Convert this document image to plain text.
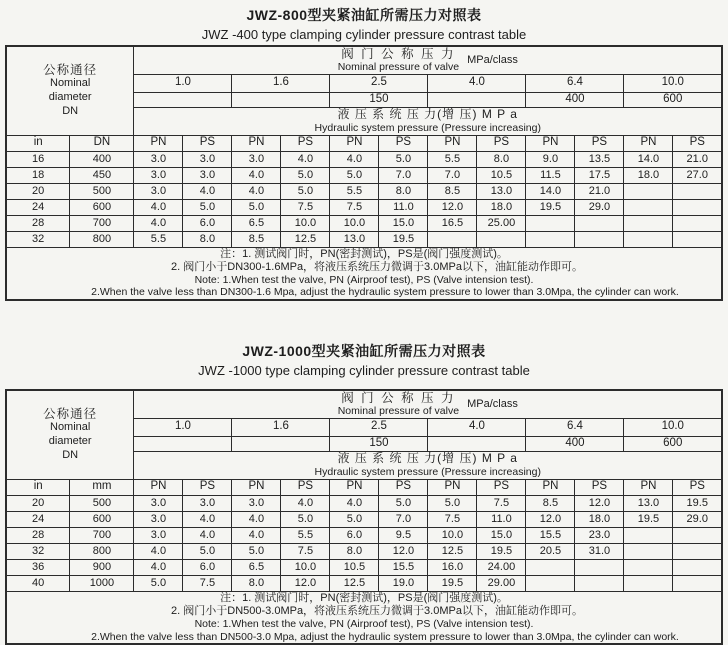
JWZ-800型夹紧油缸所需压力对照表
JWZ -400 type clamping cylinder pressure contrast table
公称通径
Nominal
diameter
DN

阀 门 公 称 压 力
Nominal pressure of valve
MPa/class

		1.0		1.6		2.5		4.0		6.4		10.0	
						150				400		600	

		液 压 系 统 压 力(增 压) M P a
Hydraulic system pressure (Pressure increasing)											

in	DN	PN	PS	PN	PS	PN	PS	PN	PS	PN	PS	PN	PS
16	400	3.0	3.0	3.0	4.0	4.0	5.0	5.5	8.0	9.0	13.5	14.0	21.0
18	450	3.0	3.0	4.0	5.0	5.0	7.0	7.0	10.5	11.5	17.5	18.0	27.0
20	500	3.0	4.0	4.0	5.0	5.5	8.0	8.5	13.0	14.0	21.0		
24	600	4.0	5.0	5.0	7.5	7.5	11.0	12.0	18.0	19.5	29.0		
28	700	4.0	6.0	6.5	10.0	10.0	15.0	16.5	25.00				
32	800	5.5	8.0	8.5	12.5	13.0	19.5						

注：1. 测试阀门时，PN(密封测试)，PS是(阀门强度测试)。
2. 阀门小于DN300-1.6MPa，将液压系统压力微调于3.0MPa以下，油缸能动作即可。
Note: 1.When test the valve, PN (Airproof test), PS (Valve intension test).
2.When the valve less than DN300-1.6 Mpa, adjust the hydraulic system pressure to lower than 3.0Mpa, the cylinder can work.													
JWZ-1000型夹紧油缸所需压力对照表
JWZ -1000 type clamping cylinder pressure contrast table
公称通径
Nominal
diameter
DN

阀 门 公 称 压 力
Nominal pressure of valve
MPa/class

		1.0		1.6		2.5		4.0		6.4		10.0	
						150				400		600	

		液 压 系 统 压 力(增 压) M P a
Hydraulic system pressure (Pressure increasing)											

in	mm	PN	PS	PN	PS	PN	PS	PN	PS	PN	PS	PN	PS
20	500	3.0	3.0	3.0	4.0	4.0	5.0	5.0	7.5	8.5	12.0	13.0	19.5
24	600	3.0	4.0	4.0	5.0	5.0	7.0	7.5	11.0	12.0	18.0	19.5	29.0
28	700	3.0	4.0	4.0	5.5	6.0	9.5	10.0	15.0	15.5	23.0		
32	800	4.0	5.0	5.0	7.5	8.0	12.0	12.5	19.5	20.5	31.0		
36	900	4.0	6.0	6.5	10.0	10.5	15.5	16.0	24.00				
40	1000	5.0	7.5	8.0	12.0	12.5	19.0	19.5	29.00				

注：1. 测试阀门时，PN(密封测试)，PS是(阀门强度测试)。
2. 阀门小于DN500-3.0MPa，将液压系统压力微调于3.0MPa以下，油缸能动作即可。
Note: 1.When test the valve, PN (Airproof test), PS (Valve intension test).
2.When the valve less than DN500-3.0 Mpa, adjust the hydraulic system pressure to lower than 3.0Mpa, the cylinder can work.													
